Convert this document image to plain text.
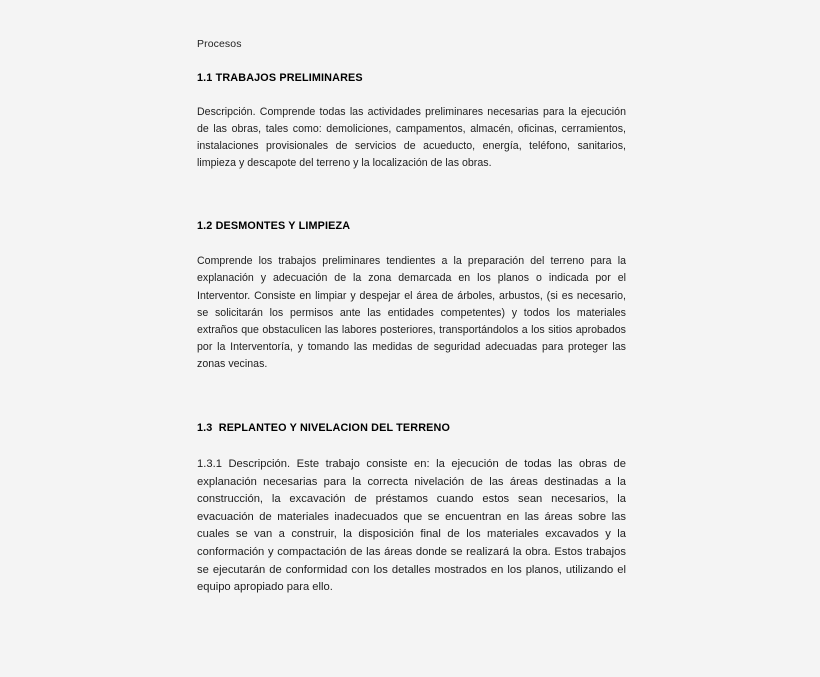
Procesos
1.1 TRABAJOS PRELIMINARES

Descripción. Comprende todas las actividades preliminares necesarias para la ejecución de las obras, tales como: demoliciones, campamentos, almacén, oficinas, cerramientos, instalaciones provisionales de servicios de acueducto, energía, teléfono, sanitarios, limpieza y descapote del terreno y la localización de las obras.

1.2 DESMONTES Y LIMPIEZA

Comprende los trabajos preliminares tendientes a la preparación del terreno para la explanación y adecuación de la zona demarcada en los planos o indicada por el Interventor. Consiste en limpiar y despejar el área de árboles, arbustos, (si es necesario, se solicitarán los permisos ante las entidades competentes) y todos los materiales extraños que obstaculicen las labores posteriores, transportándolos a los sitios aprobados por la Interventoría, y tomando las medidas de seguridad adecuadas para proteger las zonas vecinas.

1.3  REPLANTEO Y NIVELACION DEL TERRENO

1.3.1 Descripción. Este trabajo consiste en: la ejecución de todas las obras de explanación necesarias para la correcta nivelación de las áreas destinadas a la construcción, la excavación de préstamos cuando estos sean necesarios, la evacuación de materiales inadecuados que se encuentran en las áreas sobre las cuales se van a construir, la disposición final de los materiales excavados y la conformación y compactación de las áreas donde se realizará la obra. Estos trabajos se ejecutarán de conformidad con los detalles mostrados en los planos, utilizando el equipo apropiado para ello.
